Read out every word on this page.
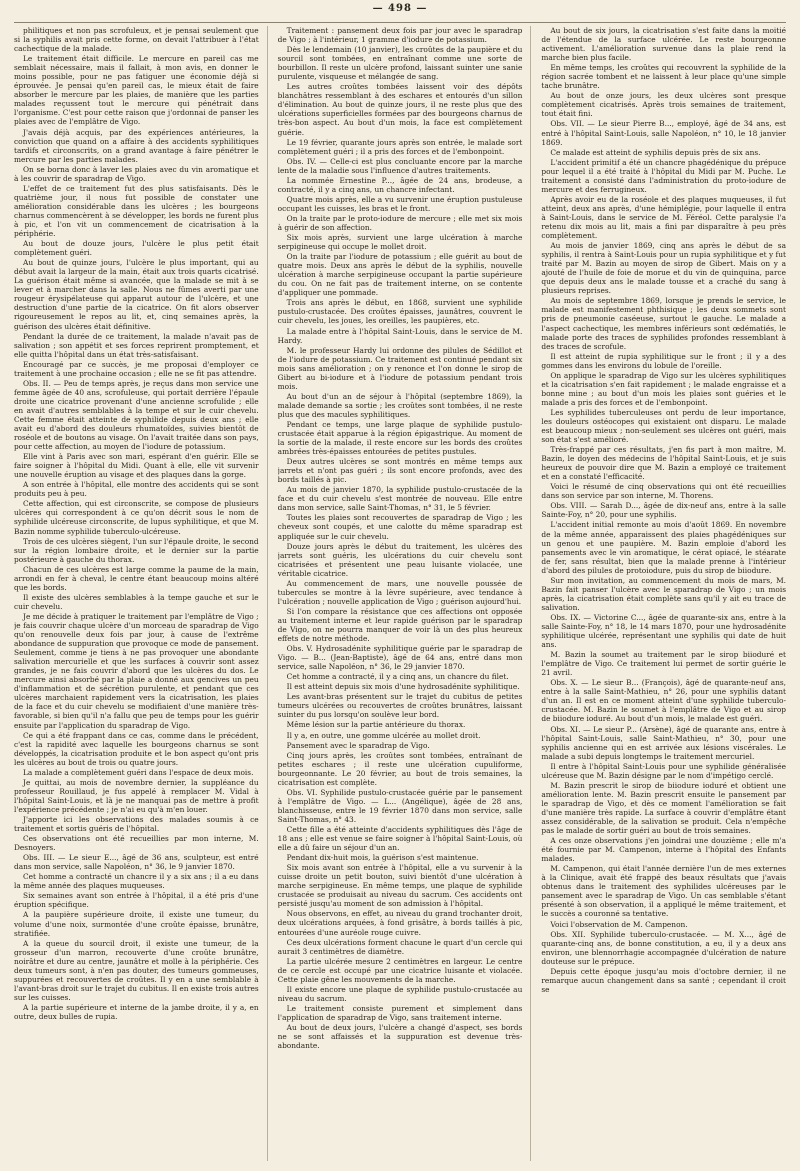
— 498 —

philitiques et non pas scrofuleux, et je pensai seulement que si la syphilis avait pris cette forme, on devait l'attribuer à l'état cachectique de la malade.

Le traitement était difficile. Le mercure en pareil cas me semblait nécessaire, mais il fallait, à mon avis, en donner le moins possible, pour ne pas fatiguer une économie déjà si éprouvée. Je pensai qu'en pareil cas, le mieux était de faire absorber le mercure par les plaies, de manière que les parties malades reçussent tout le mercure qui pénétrait dans l'organisme. C'est pour cette raison que j'ordonnai de panser les plaies avec de l'emplâtre de Vigo.

J'avais déjà acquis, par des expériences antérieures, la conviction que quand on a affaire à des accidents syphilitiques tardifs et circonscrits, on a grand avantage à faire pénétrer le mercure par les parties malades.

On se borna donc à laver les plaies avec du vin aromatique et à les couvrir de sparadrap de Vigo.

L'effet de ce traitement fut des plus satisfaisants. Dès le quatrième jour, il nous fut possible de constater une amélioration considérable dans les ulcères ; les bourgeons charnus commencèrent à se développer, les bords ne furent plus à pic, et l'on vit un commencement de cicatrisation à la périphérie.

Au bout de douze jours, l'ulcère le plus petit était complètement guéri.

Au bout de quinze jours, l'ulcère le plus important, qui au début avait la largeur de la main, était aux trois quarts cicatrisé. La guérison était même si avancée, que la malade se mit à se lever et à marcher dans la salle. Nous ne fûmes averti par une rougeur érysipélateuse qui apparut autour de l'ulcère, et une destruction d'une partie de la cicatrice. On fit alors observer rigoureusement le repos au lit, et, cinq semaines après, la guérison des ulcères était définitive.

Pendant la durée de ce traitement, la malade n'avait pas de salivation ; son appétit et ses forces reprirent promptement, et elle quitta l'hôpital dans un état très-satisfaisant.

Encouragé par ce succès, je me proposai d'employer ce traitement à une prochaine occasion ; elle ne se fit pas attendre.

Obs. II. — Peu de temps après, je reçus dans mon service une femme âgée de 40 ans, scrofuleuse, qui portait derrière l'épaule droite une cicatrice provenant d'une ancienne scrofulide ; elle en avait d'autres semblables à la tempe et sur le cuir chevelu. Cette femme était atteinte de syphilide depuis deux ans ; elle avait eu d'abord des douleurs rhumatoïdes, suivies bientôt de roséole et de boutons au visage. On l'avait traitée dans son pays, pour cette affection, au moyen de l'iodure de potassium.

Elle vint à Paris avec son mari, espérant d'en guérir. Elle se faire soigner à l'hôpital du Midi. Quant à elle, elle vit survenir une nouvelle éruption au visage et des plaques dans la gorge.

A son entrée à l'hôpital, elle montre des accidents qui se sont produits peu à peu.

Cette affection, qui est circonscrite, se compose de plusieurs ulcères qui correspondent à ce qu'on décrit sous le nom de syphilide ulcéreuse circonscrite, de lupus syphilitique, et que M. Bazin nomme syphilide tuberculo-ulcéreuse.

Trois de ces ulcères siègent, l'un sur l'épaule droite, le second sur la région lombaire droite, et le dernier sur la partie postérieure à gauche du thorax.

Chacun de ces ulcères est large comme la paume de la main, arrondi en fer à cheval, le centre étant beaucoup moins altéré que les bords.

Il existe des ulcères semblables à la tempe gauche et sur le cuir chevelu.

Je me décide à pratiquer le traitement par l'emplâtre de Vigo ; je fais couvrir chaque ulcère d'un morceau de sparadrap de Vigo qu'on renouvelle deux fois par jour, à cause de l'extrême abondance de suppuration que provoque ce mode de pansement. Seulement, comme je tiens à ne pas provoquer une abondante salivation mercurielle et que les surfaces à couvrir sont assez grandes, je ne fais couvrir d'abord que les ulcères du dos. Le mercure ainsi absorbé par la plaie a donné aux gencives un peu d'inflammation et de sécrétion purulente, et pendant que ces ulcères marchaient rapidement vers la cicatrisation, les plaies de la face et du cuir chevelu se modifiaient d'une manière très-favorable, si bien qu'il n'a fallu que peu de temps pour les guérir ensuite par l'application du sparadrap de Vigo.

Ce qui a été frappant dans ce cas, comme dans le précédent, c'est la rapidité avec laquelle les bourgeons charnus se sont développés, la cicatrisation produite et le bon aspect qu'ont pris les ulcères au bout de trois ou quatre jours.

La malade a complètement guéri dans l'espace de deux mois.

Je quittai, au mois de novembre dernier, la suppléance du professeur Rouillaud, je fus appelé à remplacer M. Vidal à l'hôpital Saint-Louis, et là je ne manquai pas de mettre à profit l'expérience précédente ; je n'ai eu qu'à m'en louer.

J'apporte ici les observations des malades soumis à ce traitement et sortis guéris de l'hôpital.

Ces observations ont été recueillies par mon interne, M. Desnoyers.

Obs. III. — Le sieur E..., âgé de 36 ans, sculpteur, est entré dans mon service, salle Napoléon, n° 36, le 9 janvier 1870.

Cet homme a contracté un chancre il y a six ans ; il a eu dans la même année des plaques muqueuses.

Six semaines avant son entrée à l'hôpital, il a été pris d'une éruption spécifique.

A la paupière supérieure droite, il existe une tumeur, du volume d'une noix, surmontée d'une croûte épaisse, brunâtre, stratifiée.

A la queue du sourcil droit, il existe une tumeur, de la grosseur d'un marron, recouverte d'une croûte brunâtre, noirâtre et dure au centre, jaunâtre et molle à la périphérie. Ces deux tumeurs sont, à n'en pas douter, des tumeurs gommeuses, suppurées et recouvertes de croûtes. Il y en a une semblable à l'avant-bras droit sur le trajet du cubitus. Il en existe trois autres sur les cuisses.

A la partie supérieure et interne de la jambe droite, il y a, en outre, deux bulles de rupia.

Traitement : pansement deux fois par jour avec le sparadrap de Vigo ; à l'intérieur, 1 gramme d'iodure de potassium.

Dès le lendemain (10 janvier), les croûtes de la paupière et du sourcil sont tombées, en entraînant comme une sorte de bourbillon. Il reste un ulcère profond, laissant suinter une sanie purulente, visqueuse et mélangée de sang.

Les autres croûtes tombées laissent voir des dépôts blanchâtres ressemblant à des eschares et entourés d'un sillon d'élimination. Au bout de quinze jours, il ne reste plus que des ulcérations superficielles formées par des bourgeons charnus de très-bon aspect. Au bout d'un mois, la face est complètement guérie.

Le 19 février, quarante jours après son entrée, le malade sort complètement guéri ; il a pris des forces et de l'embonpoint.

Obs. IV. — Celle-ci est plus concluante encore par la marche lente de la maladie sous l'influence d'autres traitements.

La nommée Ernestine P..., âgée de 24 ans, brodeuse, a contracté, il y a cinq ans, un chancre infectant.

Quatre mois après, elle a vu survenir une éruption pustuleuse occupant les cuisses, les bras et le front.

On la traite par le proto-iodure de mercure ; elle met six mois à guérir de son affection.

Six mois après, survient une large ulcération à marche serpigineuse qui occupe le mollet droit.

On la traite par l'iodure de potassium ; elle guérit au bout de quatre mois. Deux ans après le début de la syphilis, nouvelle ulcération à marche serpigineuse occupant la partie supérieure du cou. On ne fait pas de traitement interne, on se contente d'appliquer une pommade.

Trois ans après le début, en 1868, survient une syphilide pustulo-crustacée. Des croûtes épaisses, jaunâtres, couvrent le cuir chevelu, les joues, les oreilles, les paupières, etc.

La malade entre à l'hôpital Saint-Louis, dans le service de M. Hardy.

M. le professeur Hardy lui ordonne des pilules de Sédillot et de l'iodure de potassium. Ce traitement est continué pendant six mois sans amélioration ; on y renonce et l'on donne le sirop de Gibert au bi-iodure et à l'iodure de potassium pendant trois mois.

Au bout d'un an de séjour à l'hôpital (septembre 1869), la malade demande sa sortie ; les croûtes sont tombées, il ne reste plus que des macules syphilitiques.

Pendant ce temps, une large plaque de syphilide pustulo-crustacée était apparue à la région épigastrique. Au moment de la sortie de la malade, il reste encore sur les bords des croûtes ambrées très-épaisses entourées de petites pustules.

Deux autres ulcères se sont montrés en même temps aux jarrets et n'ont pas guéri ; ils sont encore profonds, avec des bords taillés à pic.

Au mois de janvier 1870, la syphilide pustulo-crustacée de la face et du cuir chevelu s'est montrée de nouveau. Elle entre dans mon service, salle Saint-Thomas, n° 31, le 5 février.

Toutes les plaies sont recouvertes de sparadrap de Vigo ; les cheveux sont coupés, et une calotte du même sparadrap est appliquée sur le cuir chevelu.

Douze jours après le début du traitement, les ulcères des jarrets sont guéris, les ulcérations du cuir chevelu sont cicatrisées et présentent une peau luisante violacée, une véritable cicatrice.

Au commencement de mars, une nouvelle poussée de tubercules se montre à la lèvre supérieure, avec tendance à l'ulcération ; nouvelle application de Vigo ; guérison aujourd'hui.

Si l'on compare la résistance que ces affections ont opposée au traitement interne et leur rapide guérison par le sparadrap de Vigo, on ne pourra manquer de voir là un des plus heureux effets de notre méthode.

Obs. V. Hydrosadénite syphilitique guérie par le sparadrap de Vigo. — B... (Jean-Baptiste), âgé de 64 ans, entré dans mon service, salle Napoléon, n° 36, le 29 janvier 1870.

Cet homme a contracté, il y a cinq ans, un chancre du filet.

Il est atteint depuis six mois d'une hydrosadénite syphilitique.

Les avant-bras présentent sur le trajet du cubitus de petites tumeurs ulcérées ou recouvertes de croûtes brunâtres, laissant suinter du pus lorsqu'on soulève leur bord.

Même lésion sur la partie antérieure du thorax.

Il y a, en outre, une gomme ulcérée au mollet droit.

Pansement avec le sparadrap de Vigo.

Cinq jours après, les croûtes sont tombées, entraînant de petites eschares ; il reste une ulcération cupuliforme, bourgeonnante. Le 20 février, au bout de trois semaines, la cicatrisation est complète.

Obs. VI. Syphilide pustulo-crustacée guérie par le pansement à l'emplâtre de Vigo. — L... (Angélique), âgée de 28 ans, blanchisseuse, entre le 19 février 1870 dans mon service, salle Saint-Thomas, n° 43.

Cette fille a été atteinte d'accidents syphilitiques dès l'âge de 18 ans ; elle est venue se faire soigner à l'hôpital Saint-Louis, où elle a dû faire un séjour d'un an.

Pendant dix-huit mois, la guérison s'est maintenue.

Six mois avant son entrée à l'hôpital, elle a vu survenir à la cuisse droite un petit bouton, suivi bientôt d'une ulcération à marche serpigineuse. En même temps, une plaque de syphilide crustacée se produisait au niveau du sacrum. Ces accidents ont persisté jusqu'au moment de son admission à l'hôpital.

Nous observons, en effet, au niveau du grand trochanter droit, deux ulcérations arquées, à fond grisâtre, à bords taillés à pic, entourées d'une auréole rouge cuivre.

Ces deux ulcérations forment chacune le quart d'un cercle qui aurait 3 centimètres de diamètre.

La partie ulcérée mesure 2 centimètres en largeur. Le centre de ce cercle est occupé par une cicatrice luisante et violacée. Cette plaie gêne les mouvements de la marche.

Il existe encore une plaque de syphilide pustulo-crustacée au niveau du sacrum.

Le traitement consiste purement et simplement dans l'application de sparadrap de Vigo, sans traitement interne.

Au bout de deux jours, l'ulcère a changé d'aspect, ses bords ne se sont affaissés et la suppuration est devenue très-abondante.

Au bout de six jours, la cicatrisation s'est faite dans la moitié de l'étendue de la surface ulcérée. Le reste bourgeonne activement. L'amélioration survenue dans la plaie rend la marche bien plus facile.

En même temps, les croûtes qui recouvrent la syphilide de la région sacrée tombent et ne laissent à leur place qu'une simple tache brunâtre.

Au bout de onze jours, les deux ulcères sont presque complètement cicatrisés. Après trois semaines de traitement, tout était fini.

Obs. VII. — Le sieur Pierre B..., employé, âgé de 34 ans, est entré à l'hôpital Saint-Louis, salle Napoléon, n° 10, le 18 janvier 1869.

Ce malade est atteint de syphilis depuis près de six ans.

L'accident primitif a été un chancre phagédénique du prépuce pour lequel il a été traité à l'hôpital du Midi par M. Puche. Le traitement a consisté dans l'administration du proto-iodure de mercure et des ferrugineux.

Après avoir eu de la roséole et des plaques muqueuses, il fut atteint, deux ans après, d'une hémiplégie, pour laquelle il entra à Saint-Louis, dans le service de M. Féréol. Cette paralysie l'a retenu dix mois au lit, mais a fini par disparaître à peu près complètement.

Au mois de janvier 1869, cinq ans après le début de sa syphilis, il rentra à Saint-Louis pour un rupia syphilitique et y fut traité par M. Bazin au moyen de sirop de Gibert. Mais on y a ajouté de l'huile de foie de morue et du vin de quinquina, parce que depuis deux ans le malade tousse et a craché du sang à plusieurs reprises.

Au mois de septembre 1869, lorsque je prends le service, le malade est manifestement phthisique ; les deux sommets sont pris de pneumonie caséeuse, surtout le gauche. Le malade a l'aspect cachectique, les membres inférieurs sont œdématiés, le malade porte des traces de syphilides profondes ressemblant à des traces de scrofule.

Il est atteint de rupia syphilitique sur le front ; il y a des gommes dans les environs du lobule de l'oreille.

On applique le sparadrap de Vigo sur les ulcères syphilitiques et la cicatrisation s'en fait rapidement ; le malade engraisse et a bonne mine ; au bout d'un mois les plaies sont guéries et le malade a pris des forces et de l'embonpoint.

Les syphilides tuberculeuses ont perdu de leur importance, les douleurs ostéocopes qui existaient ont disparu. Le malade est beaucoup mieux ; non-seulement ses ulcères ont guéri, mais son état s'est amélioré.

Très-frappé par ces résultats, j'en fis part à mon maître, M. Bazin, le doyen des médecins de l'hôpital Saint-Louis, et je suis heureux de pouvoir dire que M. Bazin a employé ce traitement et en a constaté l'efficacité.

Voici le résumé de cinq observations qui ont été recueillies dans son service par son interne, M. Thorens.

Obs. VIII. — Sarah D..., âgée de dix-neuf ans, entre à la salle Sainte-Foy, n° 20, pour une syphilis.

L'accident initial remonte au mois d'août 1869. En novembre de la même année, apparaissent des plaies phagédéniques sur un genou et une paupière. M. Bazin emploie d'abord les pansements avec le vin aromatique, le cérat opiacé, le stéarate de fer, sans résultat, bien que la malade prenne à l'intérieur d'abord des pilules de protoiodure, puis du sirop de biiodure.

Sur mon invitation, au commencement du mois de mars, M. Bazin fait panser l'ulcère avec le sparadrap de Vigo ; un mois après, la cicatrisation était complète sans qu'il y ait eu trace de salivation.

Obs. IX. — Victorine C..., âgée de quarante-six ans, entre à la salle Sainte-Foy, n° 18, le 14 mars 1870, pour une hydrosadénite syphilitique ulcérée, représentant une syphilis qui date de huit ans.

M. Bazin la soumet au traitement par le sirop biioduré et l'emplâtre de Vigo. Ce traitement lui permet de sortir guérie le 21 avril.

Obs. X. — Le sieur B... (François), âgé de quarante-neuf ans, entre à la salle Saint-Mathieu, n° 26, pour une syphilis datant d'un an. Il est en ce moment atteint d'une syphilide tuberculo-crustacée. M. Bazin le soumet à l'emplâtre de Vigo et au sirop de biiodure ioduré. Au bout d'un mois, le malade est guéri.

Obs. XI. — Le sieur P... (Arsène), âgé de quarante ans, entre à l'hôpital Saint-Louis, salle Saint-Mathieu, n° 30, pour une syphilis ancienne qui en est arrivée aux lésions viscérales. Le malade a subi depuis longtemps le traitement mercuriel.

Il entre à l'hôpital Saint-Louis pour une syphilide généralisée ulcéreuse que M. Bazin désigne par le nom d'impétigo cerclé.

M. Bazin prescrit le sirop de biiodure ioduré et obtient une amélioration lente. M. Bazin prescrit ensuite le pansement par le sparadrap de Vigo, et dès ce moment l'amélioration se fait d'une manière très rapide. La surface à couvrir d'emplâtre étant assez considérable, de la salivation se produit. Cela n'empêche pas le malade de sortir guéri au bout de trois semaines.

A ces onze observations j'en joindrai une douzième ; elle m'a été fournie par M. Campenon, interne à l'hôpital des Enfants malades.

M. Campenon, qui était l'année dernière l'un de mes externes à la Clinique, avait été frappé des beaux résultats que j'avais obtenus dans le traitement des syphilides ulcéreuses par le pansement avec le sparadrap de Vigo. Un cas semblable s'étant présenté à son observation, il a appliqué le même traitement, et le succès a couronné sa tentative.

Voici l'observation de M. Campenon.

Obs. XII. Syphilide tuberculo-crustacée. — M. X..., âgé de quarante-cinq ans, de bonne constitution, a eu, il y a deux ans environ, une blennorrhagie accompagnée d'ulcération de nature douteuse sur le prépuce.

Depuis cette époque jusqu'au mois d'octobre dernier, il ne remarque aucun changement dans sa santé ; cependant il croit se
